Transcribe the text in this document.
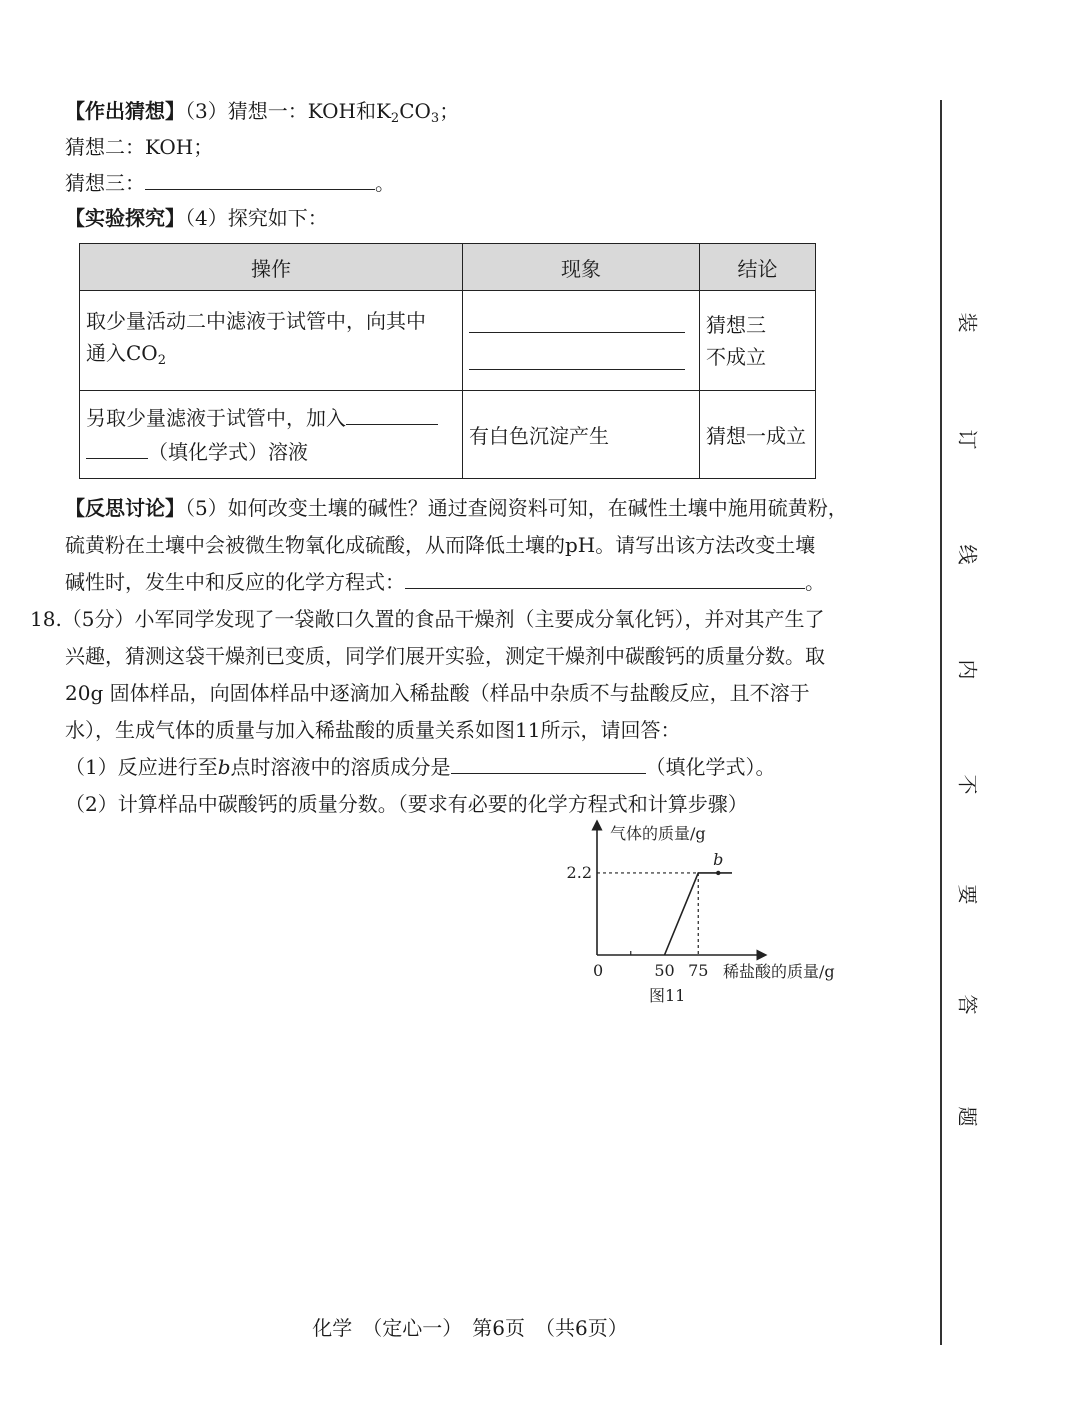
【作出猜想】（3）猜想一：KOH和$K_2CO_3$；
猜想二：KOH；
猜想三：	。
【实验探究】（4）探究如下：
操作	现象	结论
取少量活动二中滤液于试管中，向其中
通入$CO_2$		猜想三
不成立
另取少量滤液于试管中，加入
（填化学式）溶液	有白色沉淀产生	猜想一成立
【反思讨论】（5）如何改变土壤的碱性？通过查阅资料可知，在碱性土壤中施用硫黄粉，
硫黄粉在土壤中会被微生物氧化成硫酸，从而降低土壤的pH。请写出该方法改变土壤
碱性时，发生中和反应的化学方程式：	。
18.（5分）小军同学发现了一袋敞口久置的食品干燥剂（主要成分氧化钙），并对其产生了
兴趣，猜测这袋干燥剂已变质，同学们展开实验，测定干燥剂中碳酸钙的质量分数。取
20g 固体样品，向固体样品中逐滴加入稀盐酸（样品中杂质不与盐酸反应，且不溶于
水），生成气体的质量与加入稀盐酸的质量关系如图11所示，请回答：
（1）反应进行至b点时溶液中的溶质成分是	（填化学式）。
（2）计算样品中碳酸钙的质量分数。（要求有必要的化学方程式和计算步骤）
气体的质量/g
稀盐酸的质量/g
0
图11
50 75
2.2
b
装
订
线
内
不
要
答
题
化学　（定心一）　第6页　（共6页）
